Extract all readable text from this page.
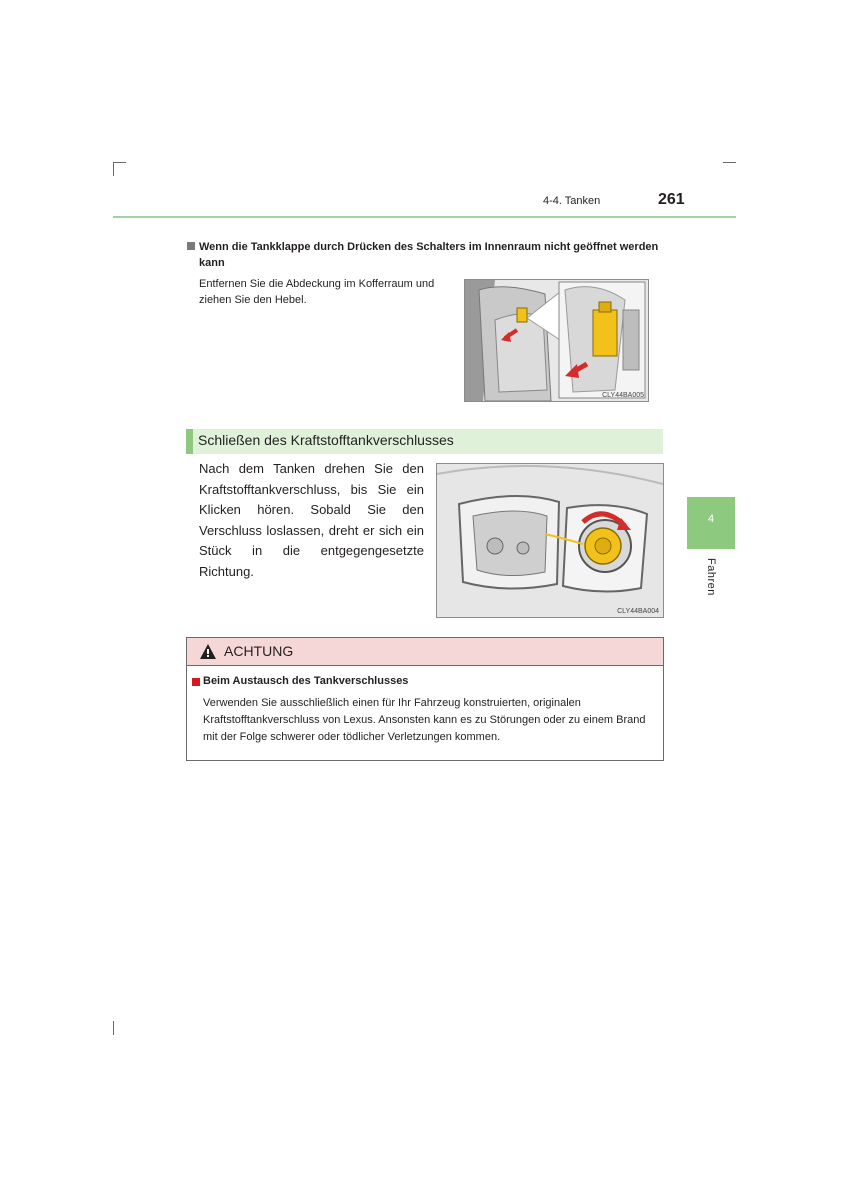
4-4. Tanken	261
4
Fahren
Wenn die Tankklappe durch Drücken des Schalters im Innenraum nicht geöffnet werden kann
Entfernen Sie die Abdeckung im Kofferraum und ziehen Sie den Hebel.
CLY44BA005
Schließen des Kraftstofftankverschlusses
Nach dem Tanken drehen Sie den Kraftstofftankverschluss, bis Sie ein Klicken hören. Sobald Sie den Verschluss loslassen, dreht er sich ein Stück in die entgegengesetzte Richtung.
CLY44BA004
ACHTUNG
Beim Austausch des Tankverschlusses
Verwenden Sie ausschließlich einen für Ihr Fahrzeug konstruierten, originalen Kraftstofftankverschluss von Lexus. Ansonsten kann es zu Störungen oder zu einem Brand mit der Folge schwerer oder tödlicher Verletzungen kommen.
